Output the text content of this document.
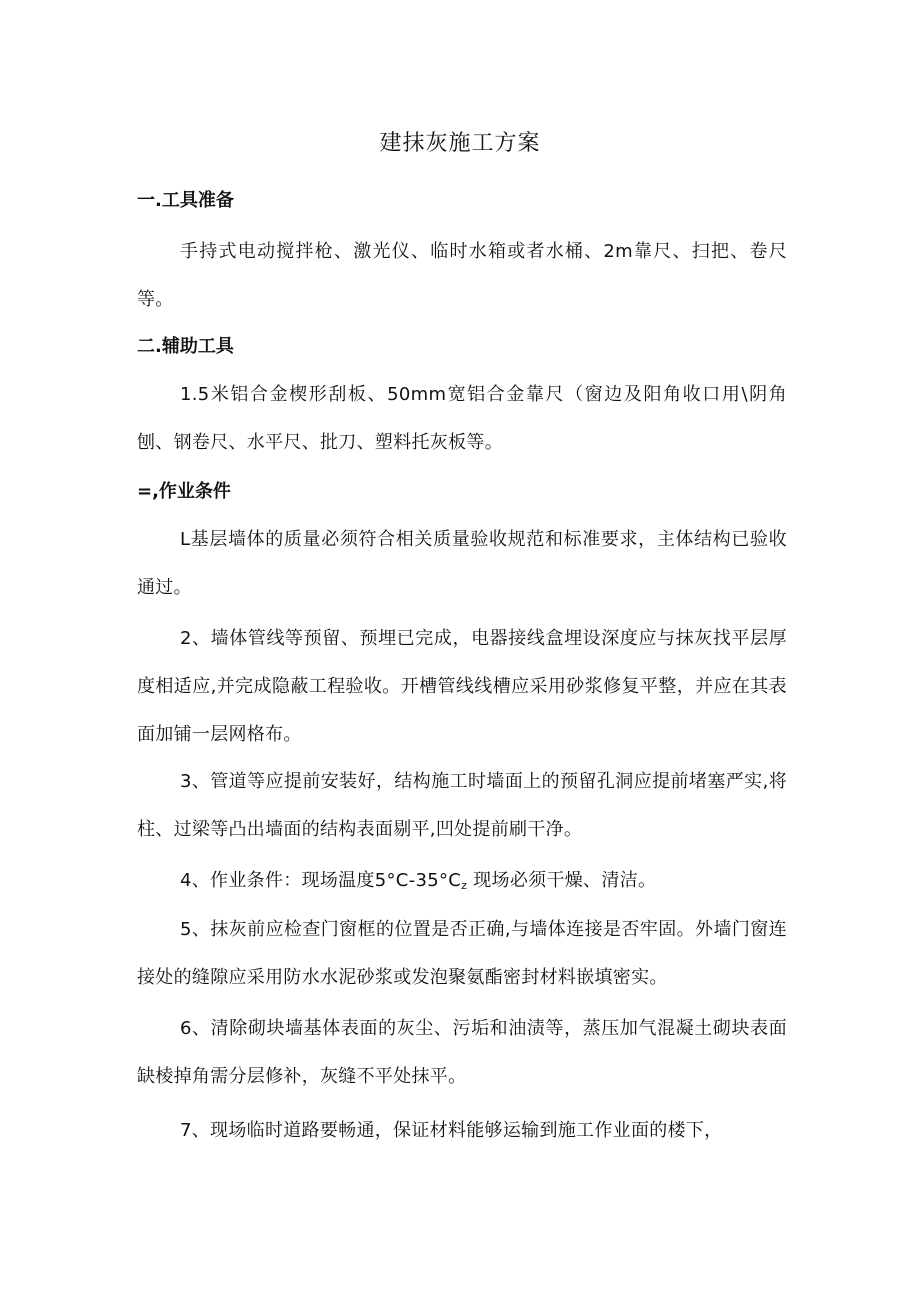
建抹灰施工方案
一.工具准备

手持式电动搅拌枪、激光仪、临时水箱或者水桶、2m靠尺、扫把、卷尺等。

二.辅助工具

1.5米铝合金楔形刮板、50mm宽铝合金靠尺（窗边及阳角收口用\阴角刨、钢卷尺、水平尺、批刀、塑料托灰板等。

=,作业条件

L基层墙体的质量必须符合相关质量验收规范和标准要求，主体结构已验收通过。

2、墙体管线等预留、预埋已完成，电器接线盒埋设深度应与抹灰找平层厚度相适应,并完成隐蔽工程验收。开槽管线线槽应采用砂浆修复平整，并应在其表面加铺一层网格布。

3、管道等应提前安装好，结构施工时墙面上的预留孔洞应提前堵塞严实,将柱、过梁等凸出墙面的结构表面剔平,凹处提前刷干净。

4、作业条件：现场温度$5^\circ C-35^\circ C_z$ 现场必须干燥、清洁。

5、抹灰前应检查门窗框的位置是否正确,与墙体连接是否牢固。外墙门窗连接处的缝隙应采用防水水泥砂浆或发泡聚氨酯密封材料嵌填密实。

6、清除砌块墙基体表面的灰尘、污垢和油渍等，蒸压加气混凝土砌块表面缺棱掉角需分层修补，灰缝不平处抹平。

7、现场临时道路要畅通，保证材料能够运输到施工作业面的楼下，
